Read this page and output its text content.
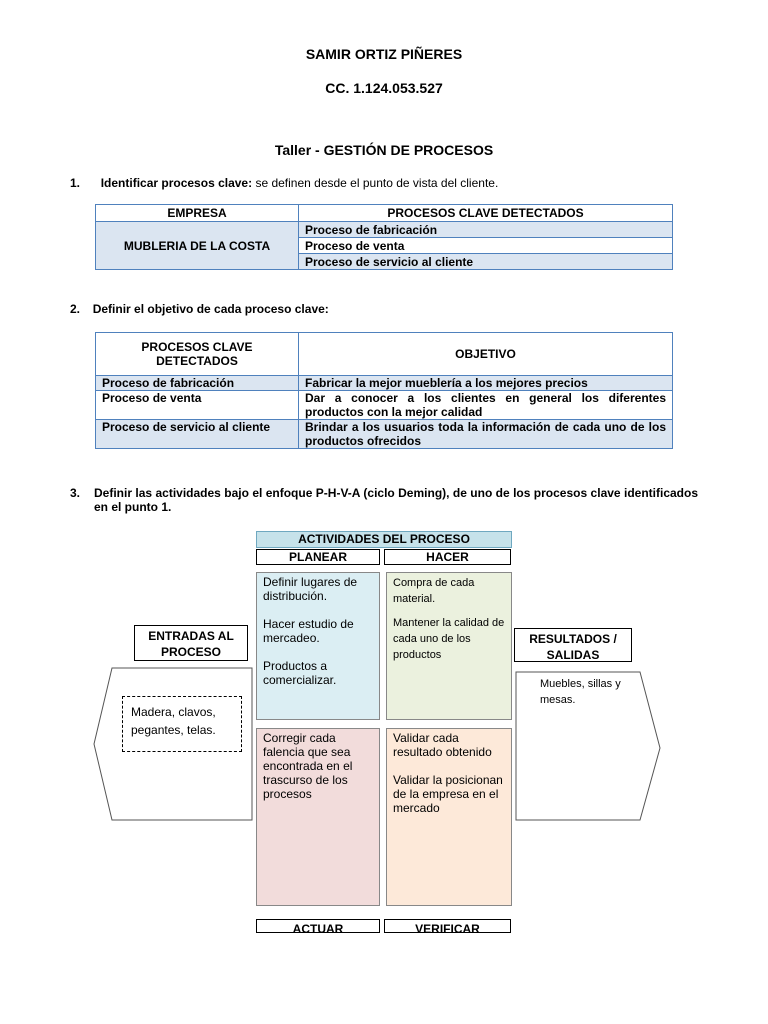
SAMIR ORTIZ PIÑERES
CC. 1.124.053.527
Taller - GESTIÓN DE PROCESOS
1. Identificar procesos clave: se definen desde el punto de vista del cliente.
EMPRESA	PROCESOS CLAVE DETECTADOS
MUBLERIA DE LA COSTA	Proceso de fabricación
	Proceso de venta
	Proceso de servicio al cliente
2. Definir el objetivo de cada proceso clave:
PROCESOS CLAVE DETECTADOS	OBJETIVO
Proceso de fabricación	Fabricar la mejor mueblería a los mejores precios
Proceso de venta	Dar a conocer a los clientes en general los diferentes productos con la mejor calidad
Proceso de servicio al cliente	Brindar a los usuarios toda la información de cada uno de los productos ofrecidos
3.	Definir las actividades bajo el enfoque P-H-V-A (ciclo Deming), de uno de los procesos clave identificados en el punto 1.
ACTIVIDADES DEL PROCESO
PLANEAR	HACER

Definir lugares de distribución.

Hacer estudio de mercadeo.

Productos a comercializar.

Compra de cada material.

Mantener la calidad de cada uno de los productos

Corregir cada falencia que sea encontrada en el trascurso de los procesos

Validar cada resultado obtenido

Validar la posicionan de la empresa en el mercado

ACTUAR	VERIFICAR
ENTRADAS AL PROCESO
RESULTADOS / SALIDAS
Madera, clavos, pegantes, telas.
Muebles, sillas y mesas.
